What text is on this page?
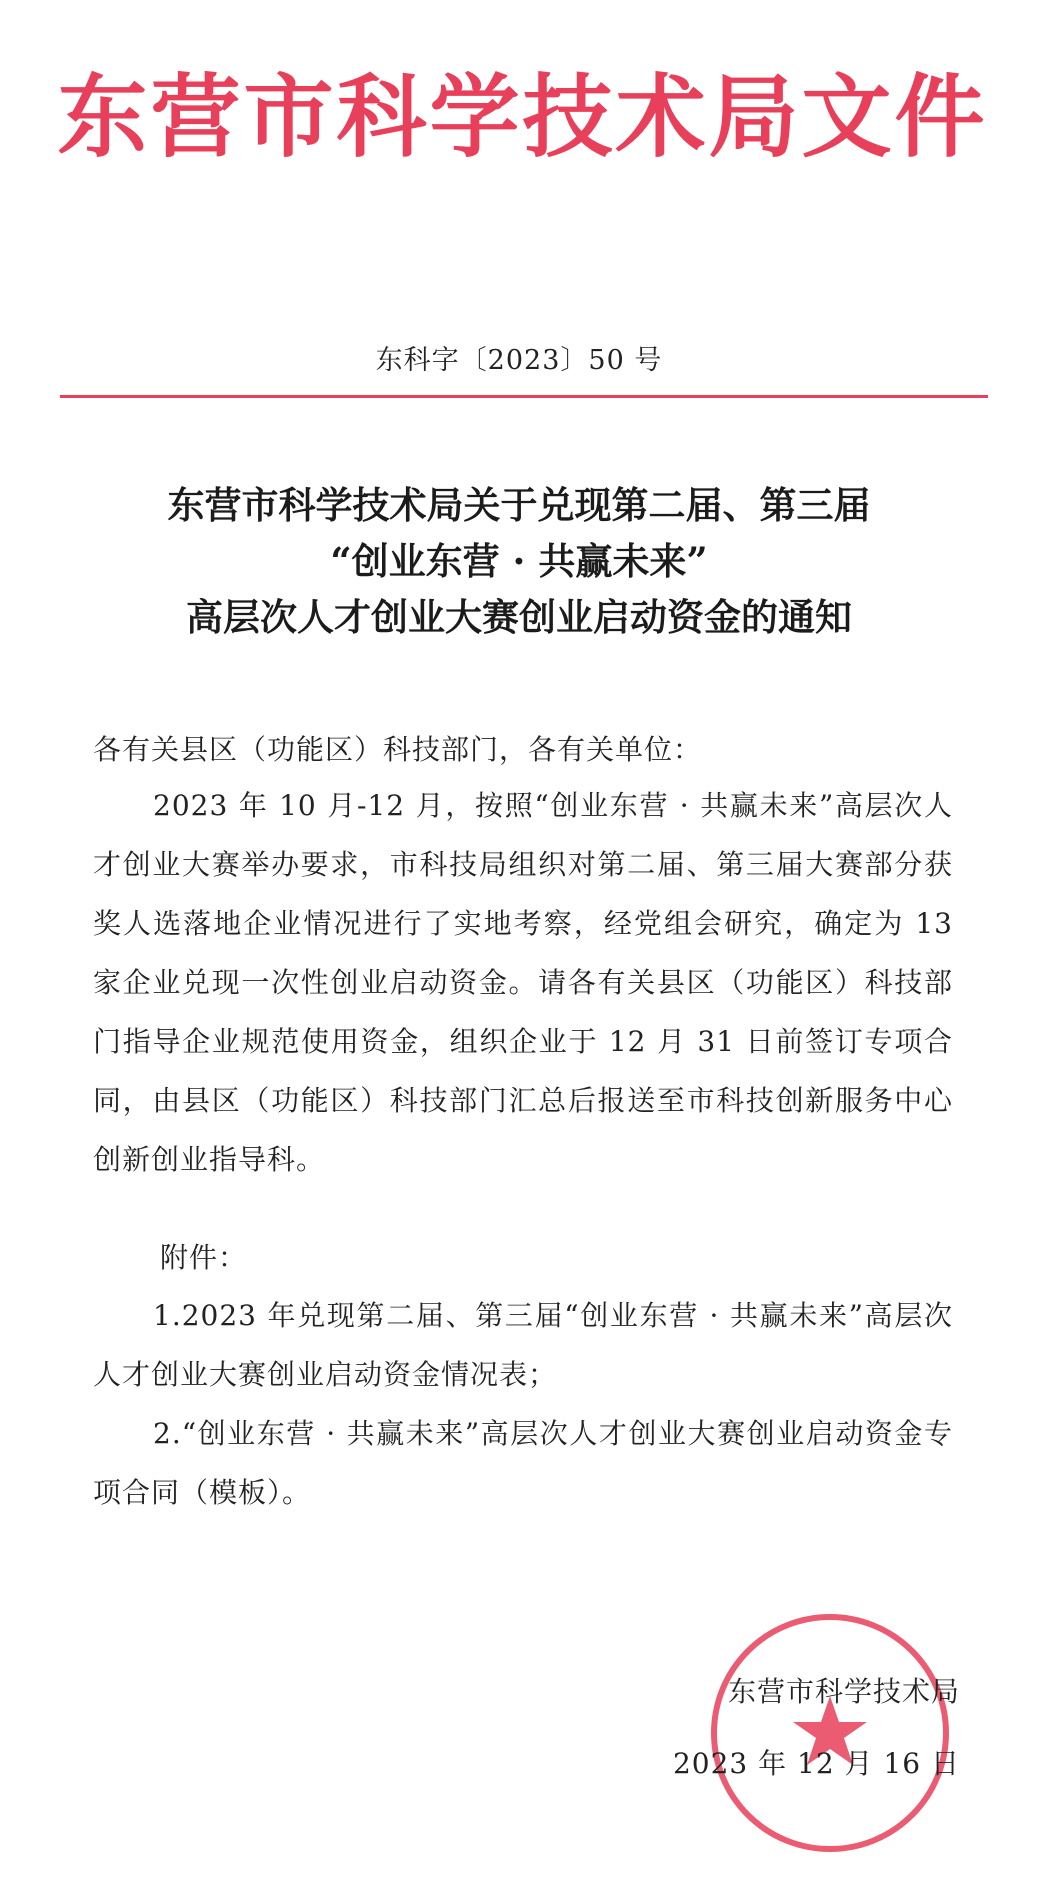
东营市科学技术局文件
东科字〔2023〕50 号
东营市科学技术局关于兑现第二届、第三届
“创业东营 · 共赢未来”
高层次人才创业大赛创业启动资金的通知
各有关县区（功能区）科技部门，各有关单位：
2023 年 10 月-12 月，按照“创业东营 · 共赢未来”高层次人才创业大赛举办要求，市科技局组织对第二届、第三届大赛部分获奖人选落地企业情况进行了实地考察，经党组会研究，确定为 13 家企业兑现一次性创业启动资金。请各有关县区（功能区）科技部门指导企业规范使用资金，组织企业于 12 月 31 日前签订专项合同，由县区（功能区）科技部门汇总后报送至市科技创新服务中心创新创业指导科。
附件：
1.2023 年兑现第二届、第三届“创业东营 · 共赢未来”高层次人才创业大赛创业启动资金情况表；
2.“创业东营 · 共赢未来”高层次人才创业大赛创业启动资金专项合同（模板）。
东营市科学技术局
2023 年 12 月 16 日
